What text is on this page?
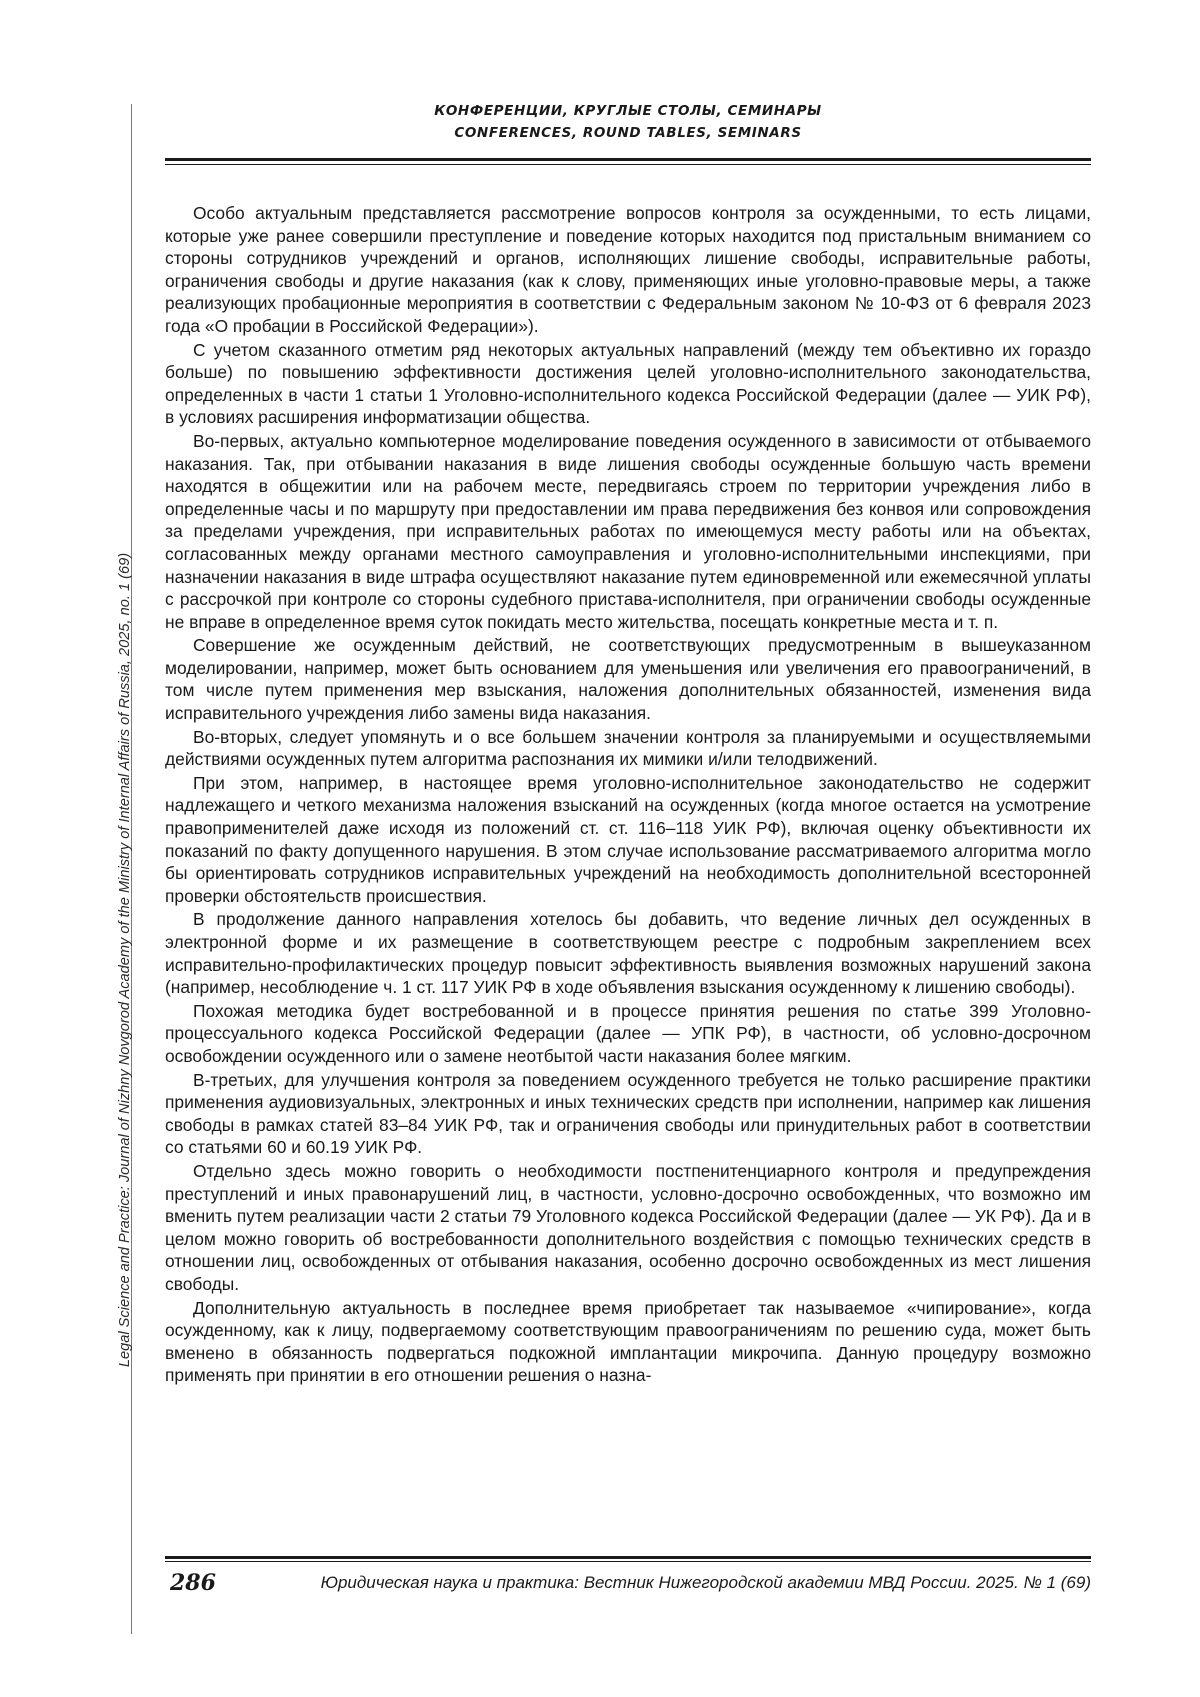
Legal Science and Practice: Journal of Nizhny Novgorod Academy of the Ministry of Internal Affairs of Russia, 2025, no. 1 (69)
КОНФЕРЕНЦИИ, КРУГЛЫЕ СТОЛЫ, СЕМИНАРЫ
CONFERENCES, ROUND TABLES, SEMINARS

Особо актуальным представляется рассмотрение вопросов контроля за осужденными, то есть лицами, которые уже ранее совершили преступление и поведение которых находится под пристальным вниманием со стороны сотрудников учреждений и органов, исполняющих лишение свободы, исправительные работы, ограничения свободы и другие наказания (как к слову, применяющих иные уголовно-правовые меры, а также реализующих пробационные мероприятия в соответствии с Федеральным законом № 10-ФЗ от 6 февраля 2023 года «О пробации в Российской Федерации»).

С учетом сказанного отметим ряд некоторых актуальных направлений (между тем объективно их гораздо больше) по повышению эффективности достижения целей уголовно-исполнительного законодательства, определенных в части 1 статьи 1 Уголовно-исполнительного кодекса Российской Федерации (далее — УИК РФ), в условиях расширения информатизации общества.

Во-первых, актуально компьютерное моделирование поведения осужденного в зависимости от отбываемого наказания. Так, при отбывании наказания в виде лишения свободы осужденные большую часть времени находятся в общежитии или на рабочем месте, передвигаясь строем по территории учреждения либо в определенные часы и по маршруту при предоставлении им права передвижения без конвоя или сопровождения за пределами учреждения, при исправительных работах по имеющемуся месту работы или на объектах, согласованных между органами местного самоуправления и уголовно-исполнительными инспекциями, при назначении наказания в виде штрафа осуществляют наказание путем единовременной или ежемесячной уплаты с рассрочкой при контроле со стороны судебного пристава-исполнителя, при ограничении свободы осужденные не вправе в определенное время суток покидать место жительства, посещать конкретные места и т. п.

Совершение же осужденным действий, не соответствующих предусмотренным в вышеуказанном моделировании, например, может быть основанием для уменьшения или увеличения его правоограничений, в том числе путем применения мер взыскания, наложения дополнительных обязанностей, изменения вида исправительного учреждения либо замены вида наказания.

Во-вторых, следует упомянуть и о все большем значении контроля за планируемыми и осуществляемыми действиями осужденных путем алгоритма распознания их мимики и/или телодвижений.

При этом, например, в настоящее время уголовно-исполнительное законодательство не содержит надлежащего и четкого механизма наложения взысканий на осужденных (когда многое остается на усмотрение правоприменителей даже исходя из положений ст. ст. 116–118 УИК РФ), включая оценку объективности их показаний по факту допущенного нарушения. В этом случае использование рассматриваемого алгоритма могло бы ориентировать сотрудников исправительных учреждений на необходимость дополнительной всесторонней проверки обстоятельств происшествия.

В продолжение данного направления хотелось бы добавить, что ведение личных дел осужденных в электронной форме и их размещение в соответствующем реестре с подробным закреплением всех исправительно-профилактических процедур повысит эффективность выявления возможных нарушений закона (например, несоблюдение ч. 1 ст. 117 УИК РФ в ходе объявления взыскания осужденному к лишению свободы).

Похожая методика будет востребованной и в процессе принятия решения по статье 399 Уголовно-процессуального кодекса Российской Федерации (далее — УПК РФ), в частности, об условно-досрочном освобождении осужденного или о замене неотбытой части наказания более мягким.

В-третьих, для улучшения контроля за поведением осужденного требуется не только расширение практики применения аудиовизуальных, электронных и иных технических средств при исполнении, например как лишения свободы в рамках статей 83–84 УИК РФ, так и ограничения свободы или принудительных работ в соответствии со статьями 60 и 60.19 УИК РФ.

Отдельно здесь можно говорить о необходимости постпенитенциарного контроля и предупреждения преступлений и иных правонарушений лиц, в частности, условно-досрочно освобожденных, что возможно им вменить путем реализации части 2 статьи 79 Уголовного кодекса Российской Федерации (далее — УК РФ). Да и в целом можно говорить об востребованности дополнительного воздействия с помощью технических средств в отношении лиц, освобожденных от отбывания наказания, особенно досрочно освобожденных из мест лишения свободы.

Дополнительную актуальность в последнее время приобретает так называемое «чипирование», когда осужденному, как к лицу, подвергаемому соответствующим правоограничениям по решению суда, может быть вменено в обязанность подвергаться подкожной имплантации микрочипа. Данную процедуру возможно применять при принятии в его отношении решения о назна-

286	Юридическая наука и практика: Вестник Нижегородской академии МВД России. 2025. № 1 (69)
